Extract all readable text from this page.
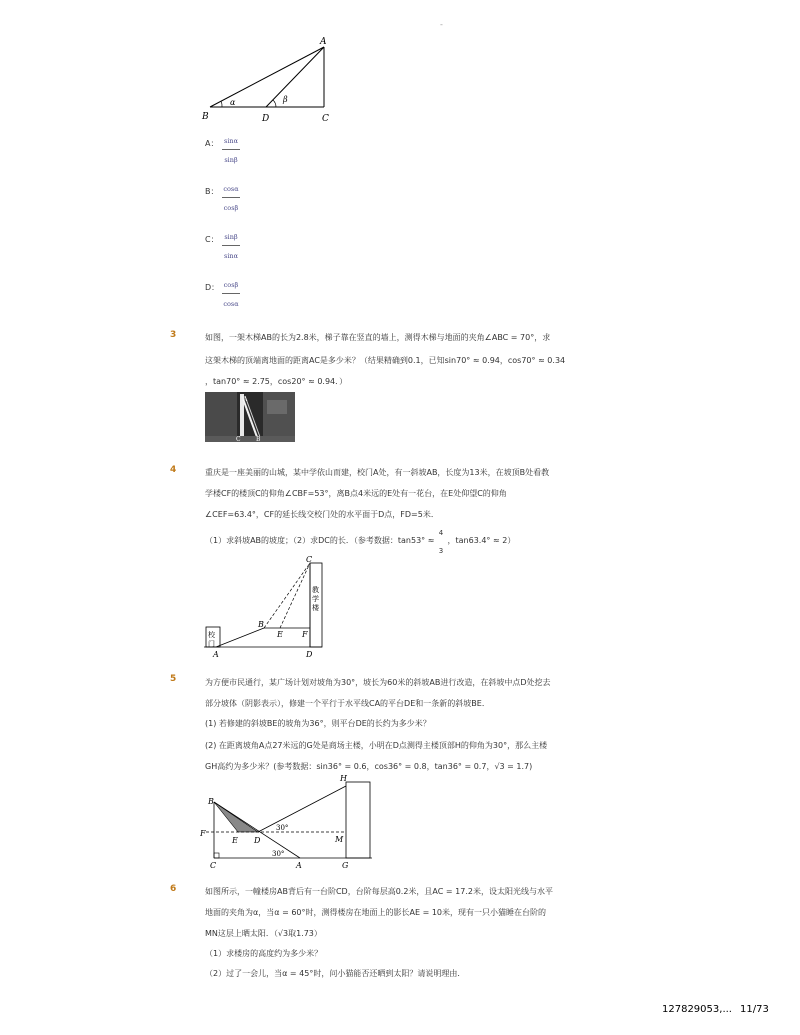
-
A
B	C
D
α	β
A： sinα
sinβ
B： cosα
cosβ
C： sinβ
sinα
D： cosβ
cosα
3	如图，一架木梯AB的长为2.8米，梯子靠在竖直的墙上，测得木梯与地面的夹角∠ABC = 70°，求
这架木梯的顶端离地面的距离AC是多少米？（结果精确到0.1，已知sin70° ≈ 0.94，cos70° ≈ 0.34
，tan70° ≈ 2.75，cos20° ≈ 0.94．）
A
C	B
4	重庆是一座美丽的山城，某中学依山而建，校门A处，有一斜坡AB，长度为13米，在坡顶B处看教
学楼CF的楼顶C的仰角∠CBF=53°，离B点4米远的E处有一花台，在E处仰望C的仰角
∠CEF=63.4°，CF的延长线交校门处的水平面于D点，FD=5米．
（1）求斜坡AB的坡度；（2）求DC的长．（参考数据：tan53° ≈
4
3
，tan63.4° ≈ 2）
校
门
教
学
楼
C
B
E F
A	D
5	为方便市民通行，某广场计划对坡角为30°，坡长为60米的斜坡AB进行改造，在斜坡中点D处挖去
部分坡体（阴影表示），修建一个平行于水平线CA的平台DE和一条新的斜坡BE．
(1) 若修建的斜坡BE的坡角为36°，则平台DE的长约为多少米？
(2) 在距离坡角A点27米远的G处是商场主楼，小明在D点测得主楼顶部H的仰角为30°，那么主楼
GH高约为多少米？(参考数据：sin36° = 0.6，cos36° = 0.8，tan36° = 0.7，√3 = 1.7)
B
F
E D
C	A	G
M
H
30°
30°
6	如图所示，一幢楼房AB背后有一台阶CD，台阶每层高0.2米，且AC = 17.2米，设太阳光线与水平
地面的夹角为α，当α = 60°时，测得楼房在地面上的影长AE = 10米，现有一只小猫睡在台阶的
MN这层上晒太阳．（√3取1.73）
（1）求楼房的高度约为多少米？
（2）过了一会儿，当α = 45°时，问小猫能否还晒到太阳？请说明理由．
127829053,... 11/73
